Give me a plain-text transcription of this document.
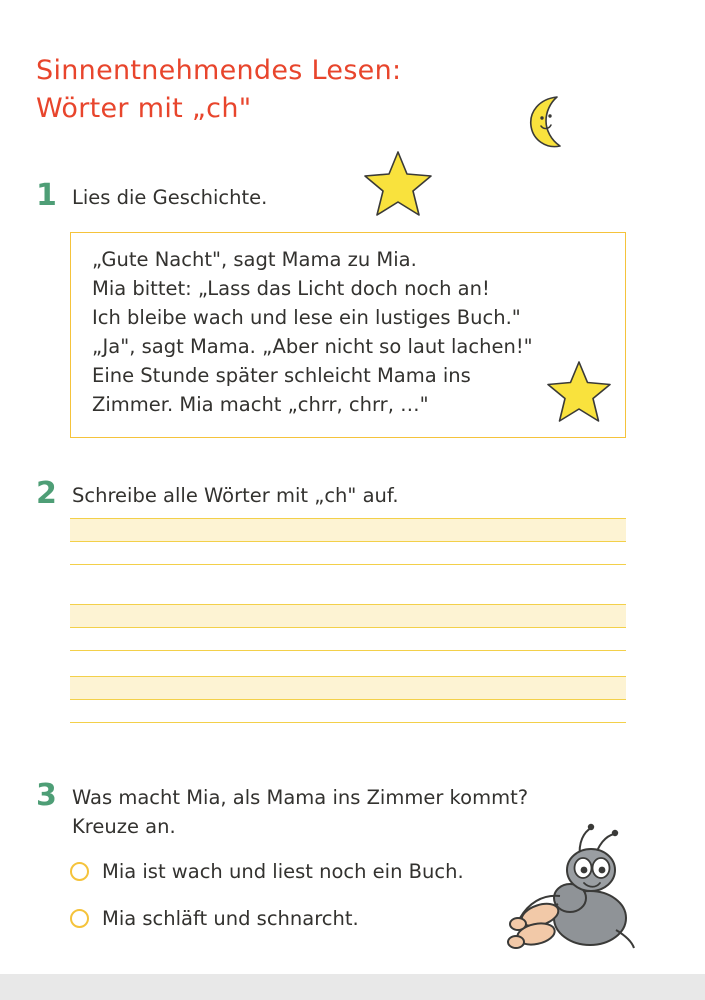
Sinnentnehmendes Lesen:
Wörter mit „ch"
1 Lies die Geschichte.
„Gute Nacht", sagt Mama zu Mia.
Mia bittet: „Lass das Licht doch noch an!
Ich bleibe wach und lese ein lustiges Buch."
„Ja", sagt Mama. „Aber nicht so laut lachen!"
Eine Stunde später schleicht Mama ins
Zimmer. Mia macht „chrr, chrr, …"
2 Schreibe alle Wörter mit „ch" auf.
3 Was macht Mia, als Mama ins Zimmer kommt?
Kreuze an.
Mia ist wach und liest noch ein Buch.
Mia schläft und schnarcht.
